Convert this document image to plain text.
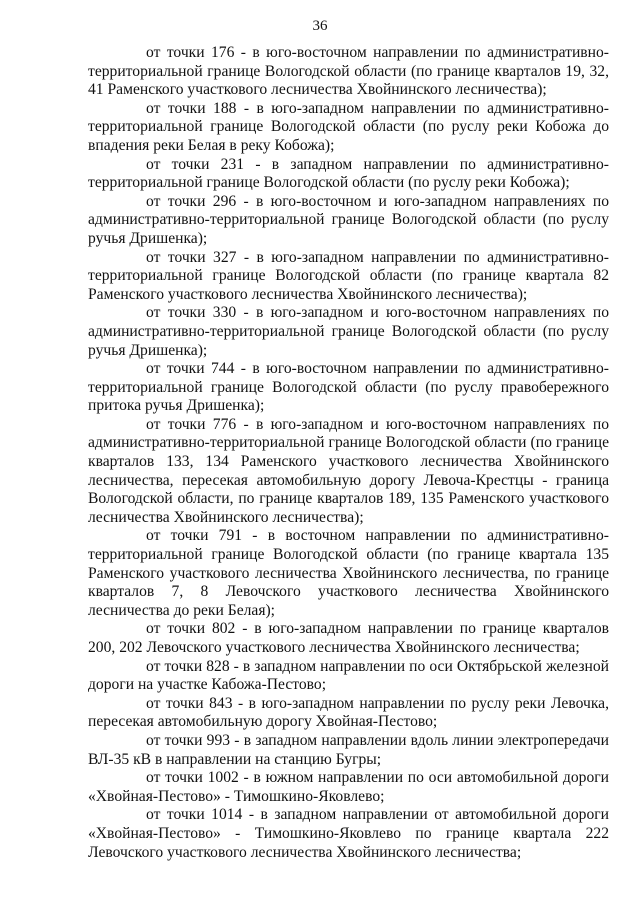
36

от точки 176 - в юго-восточном направлении по административно-территориальной границе Вологодской области (по границе кварталов 19, 32, 41 Раменского участкового лесничества Хвойнинского лесничества);

от точки 188 - в юго-западном направлении по административно-территориальной границе Вологодской области (по руслу реки Кобожа до впадения реки Белая в реку Кобожа);

от точки 231 - в западном направлении по административно-территориальной границе Вологодской области (по руслу реки Кобожа);

от точки 296 - в юго-восточном и юго-западном направлениях по административно-территориальной границе Вологодской области (по руслу ручья Дришенка);

от точки 327 - в юго-западном направлении по административно-территориальной границе Вологодской области (по границе квартала 82 Раменского участкового лесничества Хвойнинского лесничества);

от точки 330 - в юго-западном и юго-восточном направлениях по административно-территориальной границе Вологодской области (по руслу ручья Дришенка);

от точки 744 - в юго-восточном направлении по административно-территориальной границе Вологодской области (по руслу правобережного притока ручья Дришенка);

от точки 776 - в юго-западном и юго-восточном направлениях по административно-территориальной границе Вологодской области (по границе кварталов 133, 134 Раменского участкового лесничества Хвойнинского лесничества, пересекая автомобильную дорогу Левоча-Крестцы - граница Вологодской области, по границе кварталов 189, 135 Раменского участкового лесничества Хвойнинского лесничества);

от точки 791 - в восточном направлении по административно-территориальной границе Вологодской области (по границе квартала 135 Раменского участкового лесничества Хвойнинского лесничества, по границе кварталов 7, 8 Левочского участкового лесничества Хвойнинского лесничества до реки Белая);

от точки 802 - в юго-западном направлении по границе кварталов 200, 202 Левочского участкового лесничества Хвойнинского лесничества;

от точки 828 - в западном направлении по оси Октябрьской железной дороги на участке Кабожа-Пестово;

от точки 843 - в юго-западном направлении по руслу реки Левочка, пересекая автомобильную дорогу Хвойная-Пестово;

от точки 993 - в западном направлении вдоль линии электропередачи ВЛ-35 кВ в направлении на станцию Бугры;

от точки 1002 - в южном направлении по оси автомобильной дороги «Хвойная-Пестово» - Тимошкино-Яковлево;

от точки 1014 - в западном направлении от автомобильной дороги «Хвойная-Пестово» - Тимошкино-Яковлево по границе квартала 222 Левочского участкового лесничества Хвойнинского лесничества;
